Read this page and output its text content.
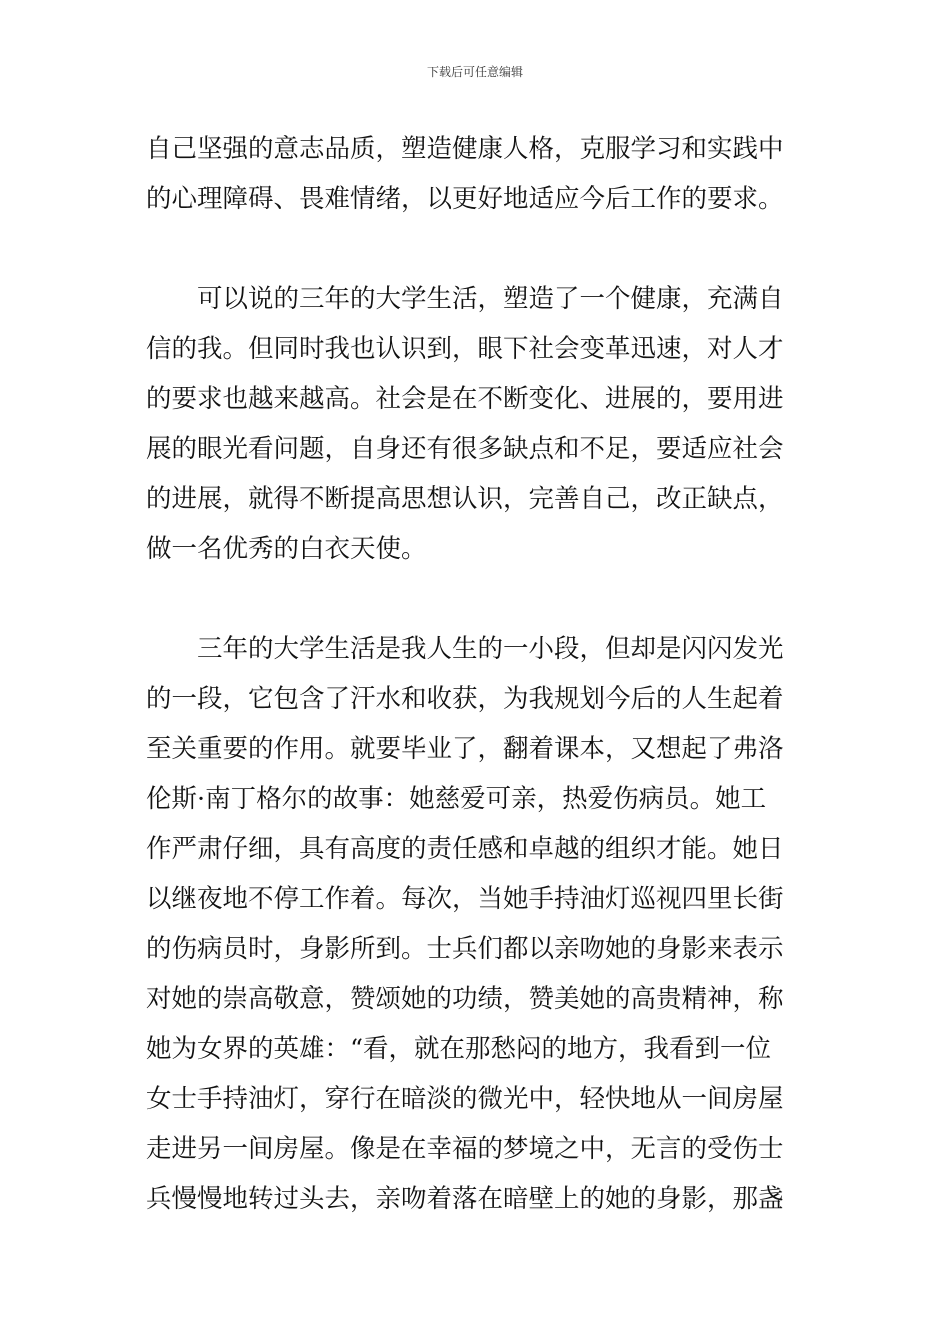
下载后可任意编辑
自己坚强的意志品质，塑造健康人格，克服学习和实践中
的心理障碍、畏难情绪，以更好地适应今后工作的要求。
可以说的三年的大学生活，塑造了一个健康，充满自
信的我。但同时我也认识到，眼下社会变革迅速，对人才
的要求也越来越高。社会是在不断变化、进展的，要用进
展的眼光看问题，自身还有很多缺点和不足，要适应社会
的进展，就得不断提高思想认识，完善自己，改正缺点，
做一名优秀的白衣天使。
三年的大学生活是我人生的一小段，但却是闪闪发光
的一段，它包含了汗水和收获，为我规划今后的人生起着
至关重要的作用。就要毕业了，翻着课本，又想起了弗洛
伦斯·南丁格尔的故事：她慈爱可亲，热爱伤病员。她工
作严肃仔细，具有高度的责任感和卓越的组织才能。她日
以继夜地不停工作着。每次，当她手持油灯巡视四里长街
的伤病员时，身影所到。士兵们都以亲吻她的身影来表示
对她的崇高敬意，赞颂她的功绩，赞美她的高贵精神，称
她为女界的英雄：“看，就在那愁闷的地方，我看到一位
女士手持油灯，穿行在暗淡的微光中，轻快地从一间房屋
走进另一间房屋。像是在幸福的梦境之中，无言的受伤士
兵慢慢地转过头去，亲吻着落在暗壁上的她的身影，那盏
